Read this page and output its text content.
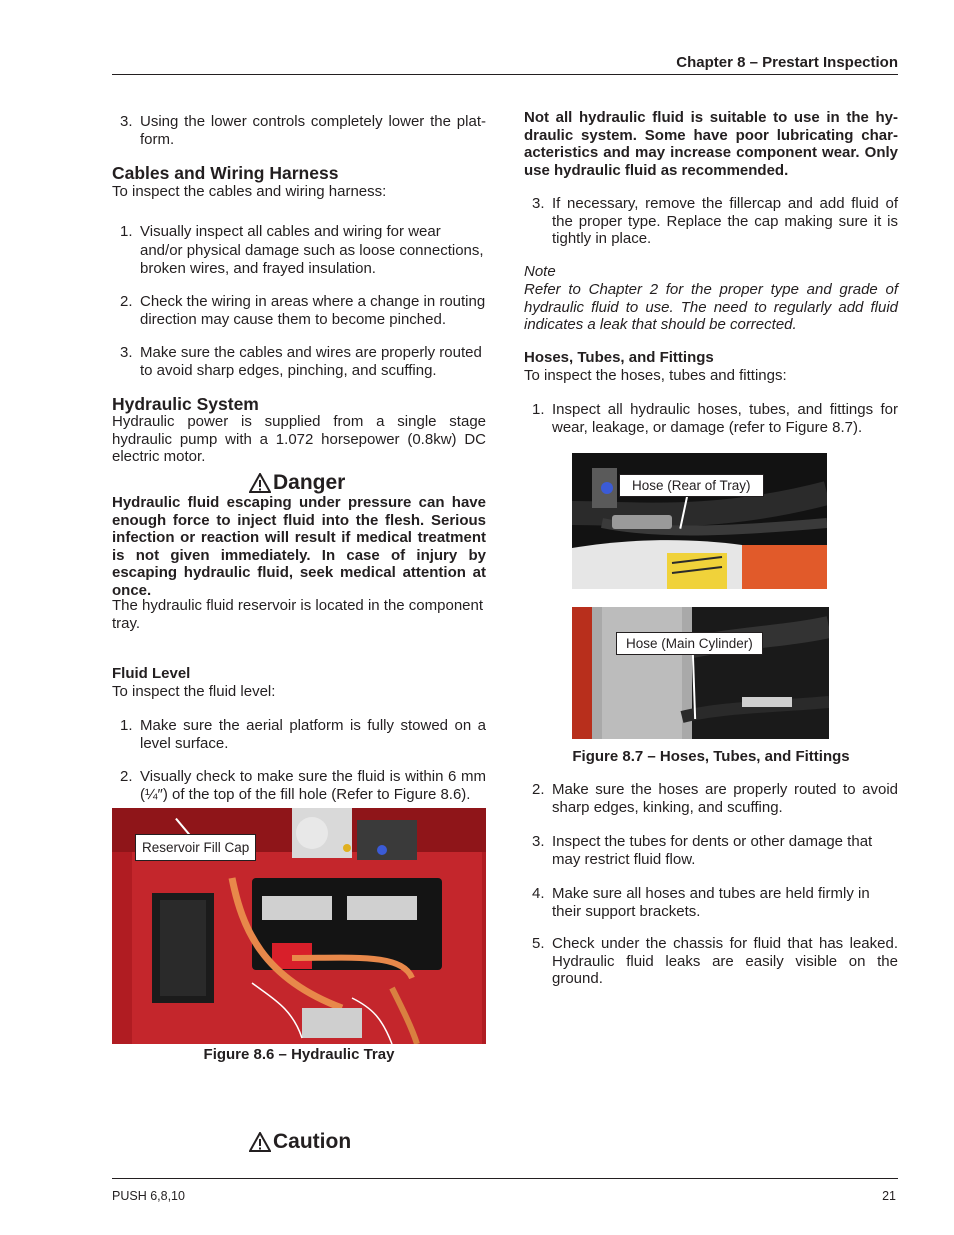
Chapter 8 – Prestart Inspection
3. Using the lower controls completely lower the plat-form.

Cables and Wiring Harness

To inspect the cables and wiring harness:

1. Visually inspect all cables and wiring for wear and/or physical damage such as loose connections, broken wires, and frayed insulation.

2. Check the wiring in areas where a change in routing direction may cause them to become pinched.

3. Make sure the cables and wires are properly routed to avoid sharp edges, pinching, and scuffing.

Hydraulic System

Hydraulic power is supplied from a single stage hydraulic pump with a 1.072 horsepower (0.8kw) DC electric motor.

Danger

Hydraulic fluid escaping under pressure can have enough force to inject fluid into the flesh. Serious infection or reaction will result if medical treatment is not given immediately. In case of injury by escaping hydraulic fluid, seek medical attention at once.

The hydraulic fluid reservoir is located in the component tray.

Fluid Level

To inspect the fluid level:

1. Make sure the aerial platform is fully stowed on a level surface.

2. Visually check to make sure the fluid is within 6 mm (¼″) of the top of the fill hole (Refer to Figure 8.6).

Reservoir Fill Cap
Figure 8.6 – Hydraulic Tray
Caution

Not all hydraulic fluid is suitable to use in the hy-draulic system. Some have poor lubricating char-acteristics and may increase component wear. Only use hydraulic fluid as recommended.

3. If necessary, remove the fillercap and add fluid of the proper type. Replace the cap making sure it is tightly in place.

Note

Refer to Chapter 2 for the proper type and grade of hydraulic fluid to use. The need to regularly add fluid indicates a leak that should be corrected.

Hoses, Tubes, and Fittings

To inspect the hoses, tubes and fittings:

1. Inspect all hydraulic hoses, tubes, and fittings for wear, leakage, or damage (refer to Figure 8.7).

2. Make sure the hoses are properly routed to avoid sharp edges, kinking, and scuffing.

3. Inspect the tubes for dents or other damage that may restrict fluid flow.

4. Make sure all hoses and tubes are held firmly in their support brackets.

5. Check under the chassis for fluid that has leaked. Hydraulic fluid leaks are easily visible on the ground.

Hose (Rear of Tray)
Hose (Main Cylinder)
Figure 8.7 – Hoses, Tubes, and Fittings
PUSH 6,8,10	21
